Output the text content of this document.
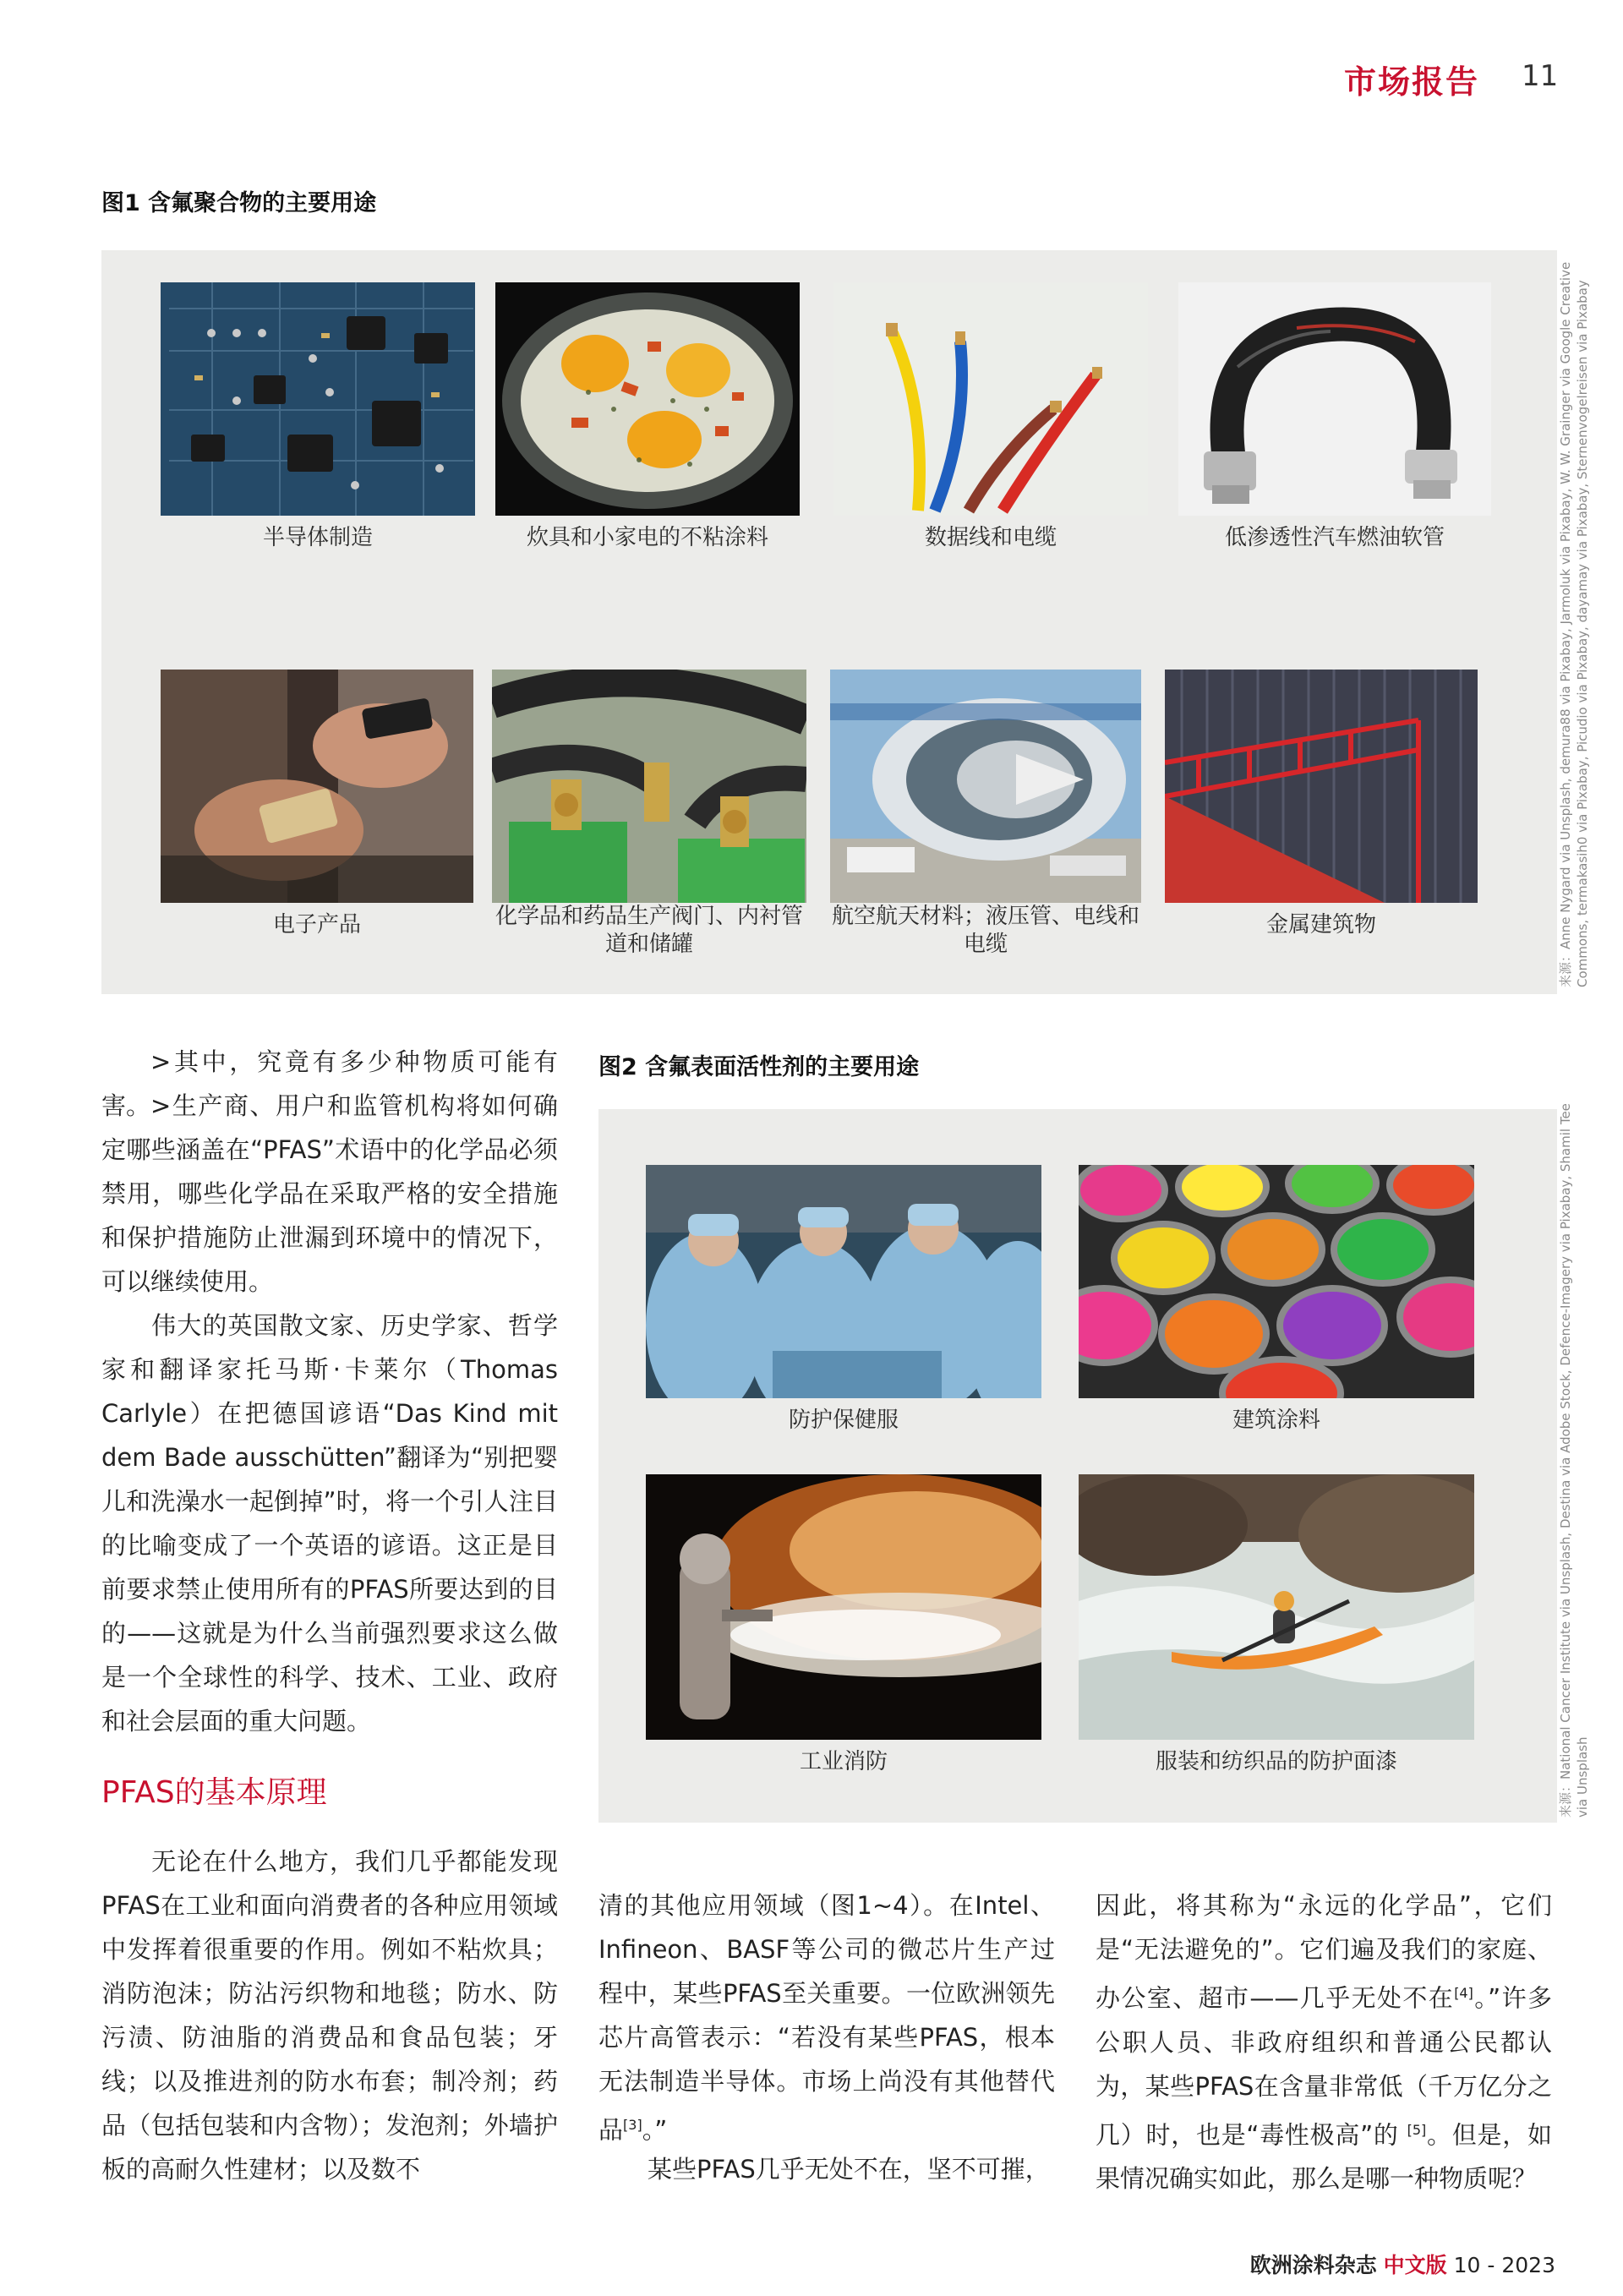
市场报告 11
图1 含氟聚合物的主要用途
半导体制造	炊具和小家电的不粘涂料	数据线和电缆	低渗透性汽车燃油软管
电子产品	化学品和药品生产阀门、内衬管道和储罐
航空航天材料；液压管、电线和电缆
金属建筑物	来源：Anne Nygard via Unsplash, demura88 via Pixabay, Jarmoluk via Pixabay, W. W. Grainger via Google Creative Commons, termakasih0 via Pixabay, Picudio via Pixabay, dayamay via Pixabay, Sternenvogelreisen via Pixabay
图2 含氟表面活性剂的主要用途
防护保健服	建筑涂料
工业消防	服装和纺织品的防护面漆	来源：National Cancer Institute via Unsplash, Destina via Adobe Stock, Defence-Imagery via Pixabay, Shamil Tee via Unsplash
>其中，究竟有多少种物质可能有害。 >生产商、用户和监管机构将如何确定哪些涵盖在“PFAS”术语中的化学品必须禁用，哪些化学品在采取严格的安全措施和保护措施防止泄漏到环境中的情况下，可以继续使用。
伟大的英国散文家、历史学家、哲学家和翻译家托马斯·卡莱尔（Thomas Carlyle）在把德国谚语“Das Kind mit dem Bade ausschütten”翻译为“别把婴儿和洗澡水一起倒掉”时，将一个引人注目的比喻变成了一个英语的谚语。这正是目前要求禁止使用所有的PFAS所要达到的目的——这就是为什么当前强烈要求这么做是一个全球性的科学、技术、工业、政府和社会层面的重大问题。
PFAS的基本原理
无论在什么地方，我们几乎都能发现PFAS在工业和面向消费者的各种应用领域中发挥着很重要的作用。例如不粘炊具；消防泡沫；防沾污织物和地毯；防水、防污渍、防油脂的消费品和食品包装；牙线；以及推进剂的防水布套；制冷剂；药品（包括包装和内含物）；发泡剂；外墙护板的高耐久性建材；以及数不
清的其他应用领域（图1~4）。在Intel、Infineon、BASF等公司的微芯片生产过程中，某些PFAS至关重要。一位欧洲领先芯片高管表示：“若没有某些PFAS，根本无法制造半导体。市场上尚没有其他替代品[3]。”
某些PFAS几乎无处不在，坚不可摧，
因此，将其称为“永远的化学品”，它们是“无法避免的”。它们遍及我们的家庭、办公室、超市——几乎无处不在[4]。”许多公职人员、非政府组织和普通公民都认为，某些PFAS在含量非常低（千万亿分之几）时，也是“毒性极高”的 [5]。但是，如果情况确实如此，那么是哪一种物质呢？
欧洲涂料杂志 中文版 10 - 2023
